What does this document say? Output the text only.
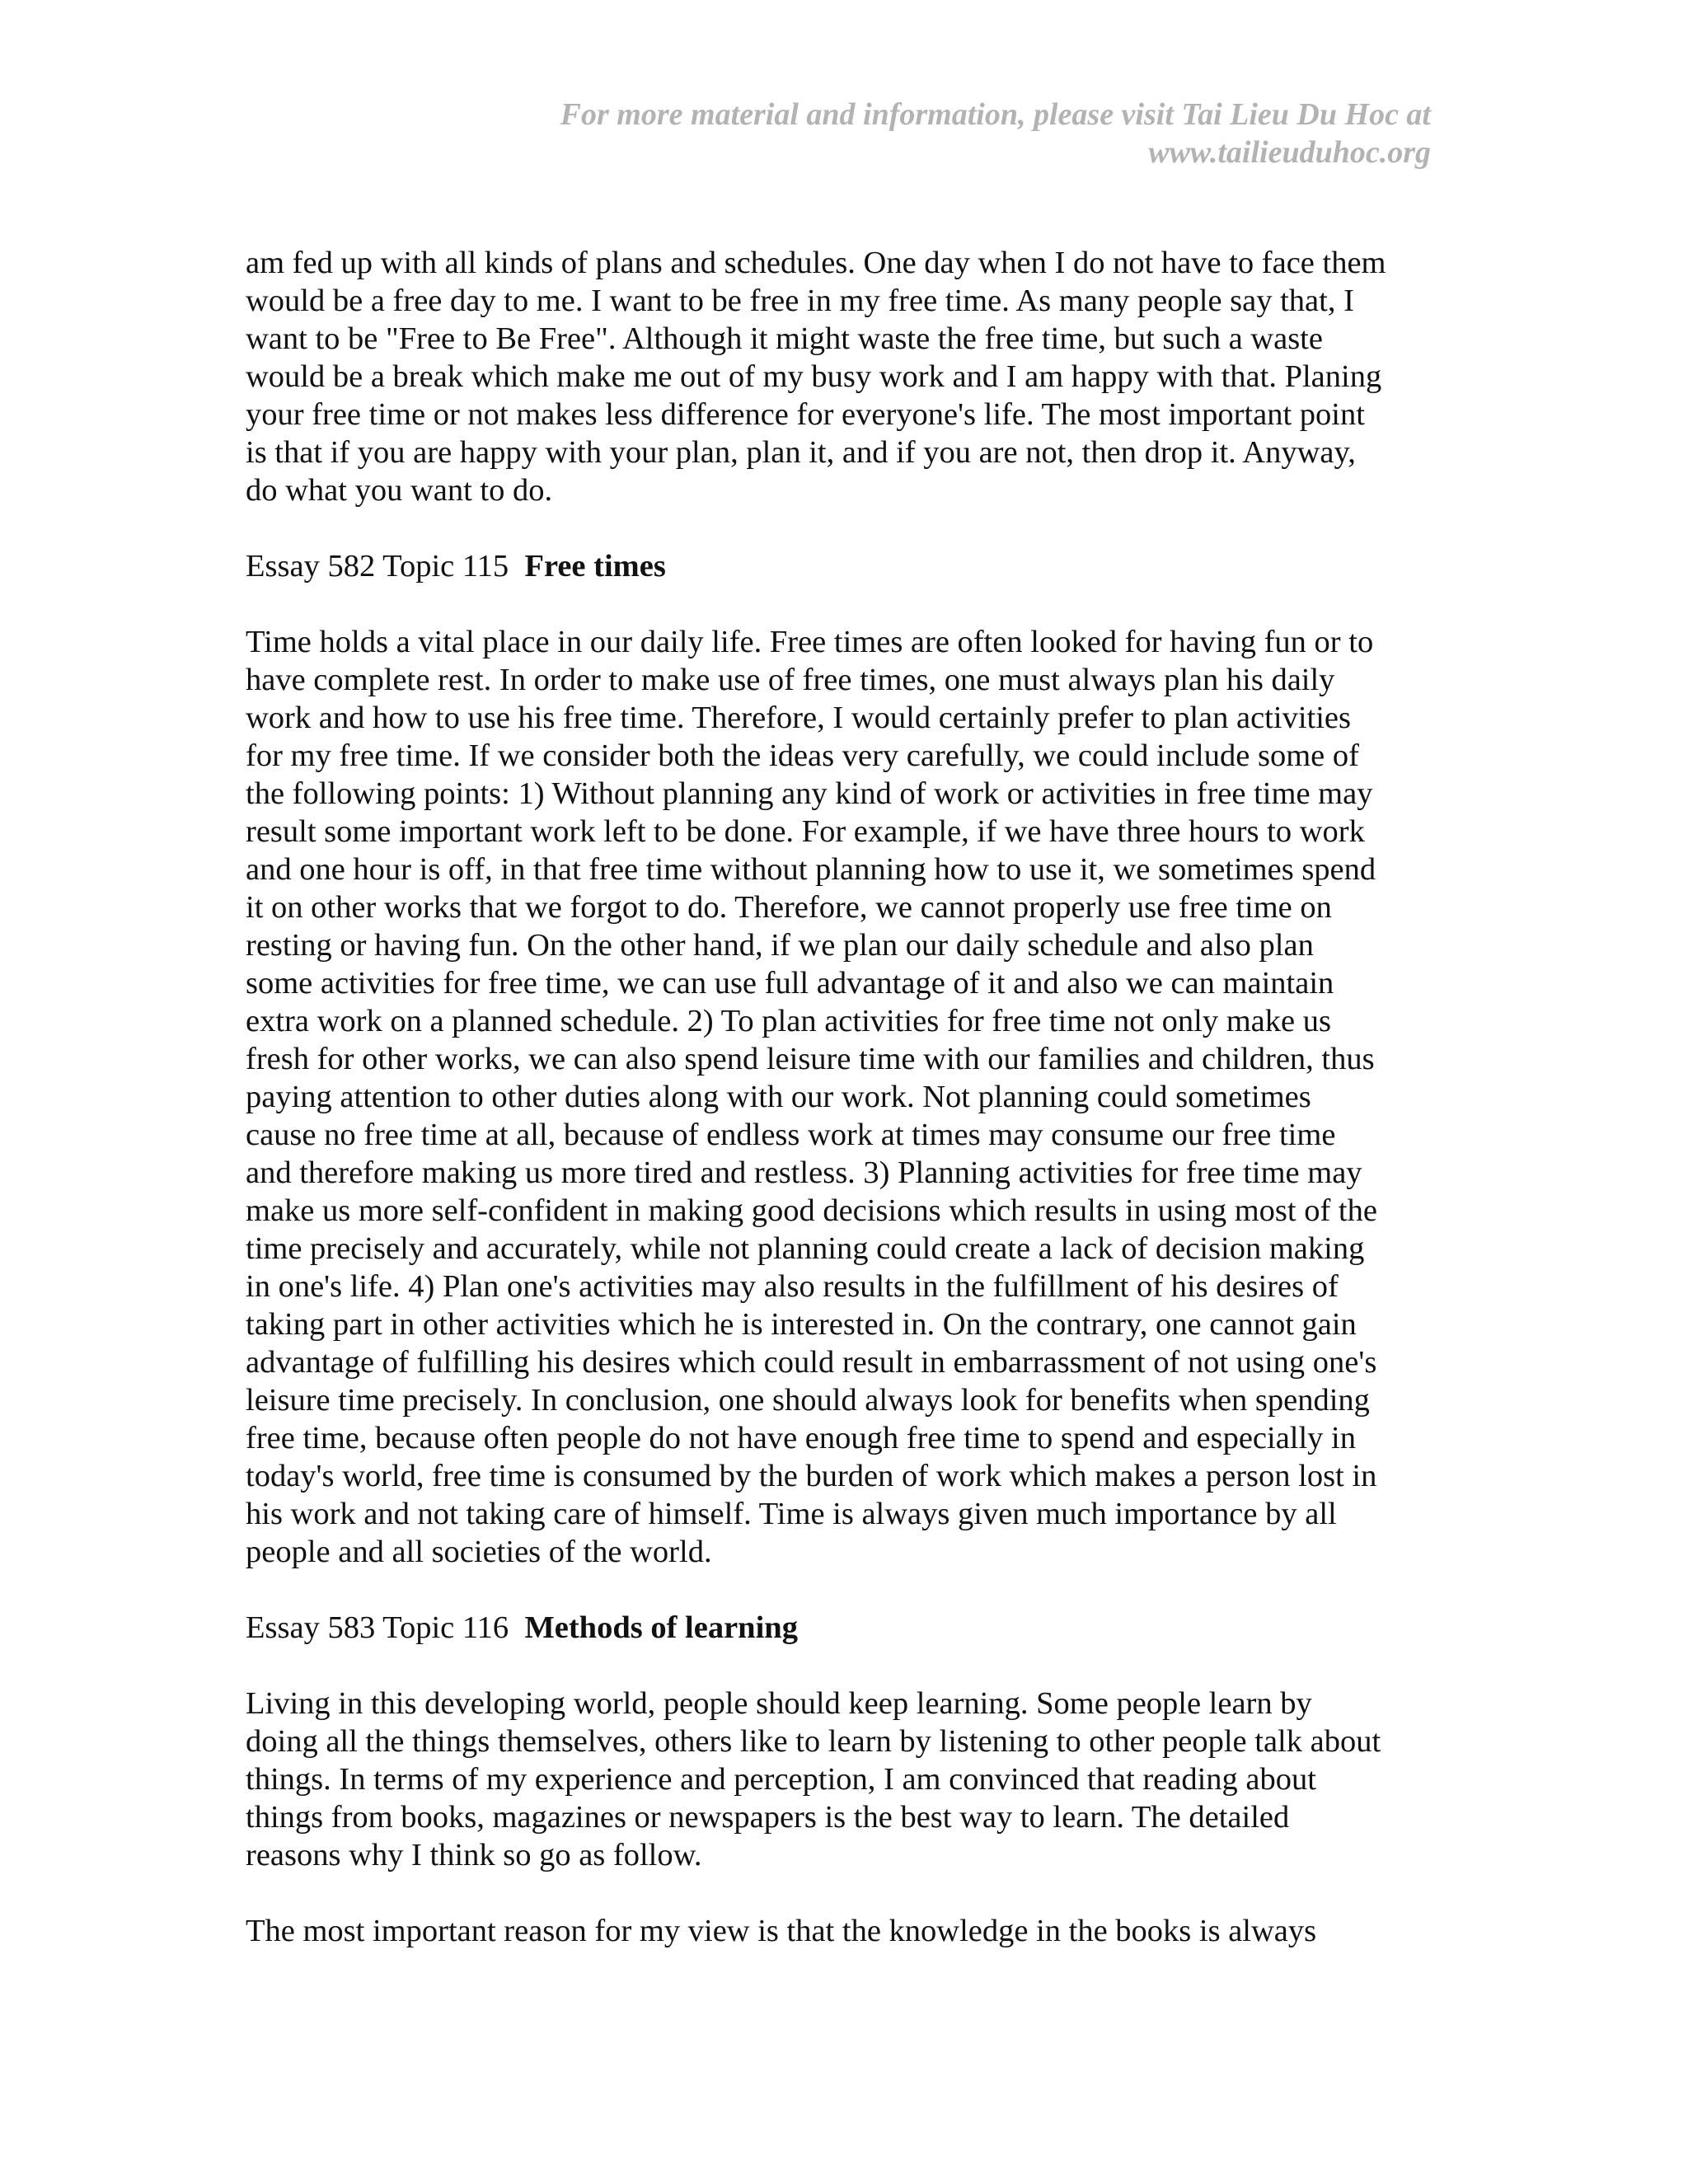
For more material and information, please visit Tai Lieu Du Hoc at
www.tailieuduhoc.org
am fed up with all kinds of plans and schedules. One day when I do not have to face them
would be a free day to me. I want to be free in my free time. As many people say that, I
want to be "Free to Be Free". Although it might waste the free time, but such a waste
would be a break which make me out of my busy work and I am happy with that. Planing
your free time or not makes less difference for everyone's life. The most important point
is that if you are happy with your plan, plan it, and if you are not, then drop it. Anyway,
do what you want to do.
Essay 582 Topic 115 Free times
Time holds a vital place in our daily life. Free times are often looked for having fun or to
have complete rest. In order to make use of free times, one must always plan his daily
work and how to use his free time. Therefore, I would certainly prefer to plan activities
for my free time. If we consider both the ideas very carefully, we could include some of
the following points: 1) Without planning any kind of work or activities in free time may
result some important work left to be done. For example, if we have three hours to work
and one hour is off, in that free time without planning how to use it, we sometimes spend
it on other works that we forgot to do. Therefore, we cannot properly use free time on
resting or having fun. On the other hand, if we plan our daily schedule and also plan
some activities for free time, we can use full advantage of it and also we can maintain
extra work on a planned schedule. 2) To plan activities for free time not only make us
fresh for other works, we can also spend leisure time with our families and children, thus
paying attention to other duties along with our work. Not planning could sometimes
cause no free time at all, because of endless work at times may consume our free time
and therefore making us more tired and restless. 3) Planning activities for free time may
make us more self-confident in making good decisions which results in using most of the
time precisely and accurately, while not planning could create a lack of decision making
in one's life. 4) Plan one's activities may also results in the fulfillment of his desires of
taking part in other activities which he is interested in. On the contrary, one cannot gain
advantage of fulfilling his desires which could result in embarrassment of not using one's
leisure time precisely. In conclusion, one should always look for benefits when spending
free time, because often people do not have enough free time to spend and especially in
today's world, free time is consumed by the burden of work which makes a person lost in
his work and not taking care of himself. Time is always given much importance by all
people and all societies of the world.
Essay 583 Topic 116 Methods of learning
Living in this developing world, people should keep learning. Some people learn by
doing all the things themselves, others like to learn by listening to other people talk about
things. In terms of my experience and perception, I am convinced that reading about
things from books, magazines or newspapers is the best way to learn. The detailed
reasons why I think so go as follow.
The most important reason for my view is that the knowledge in the books is always
